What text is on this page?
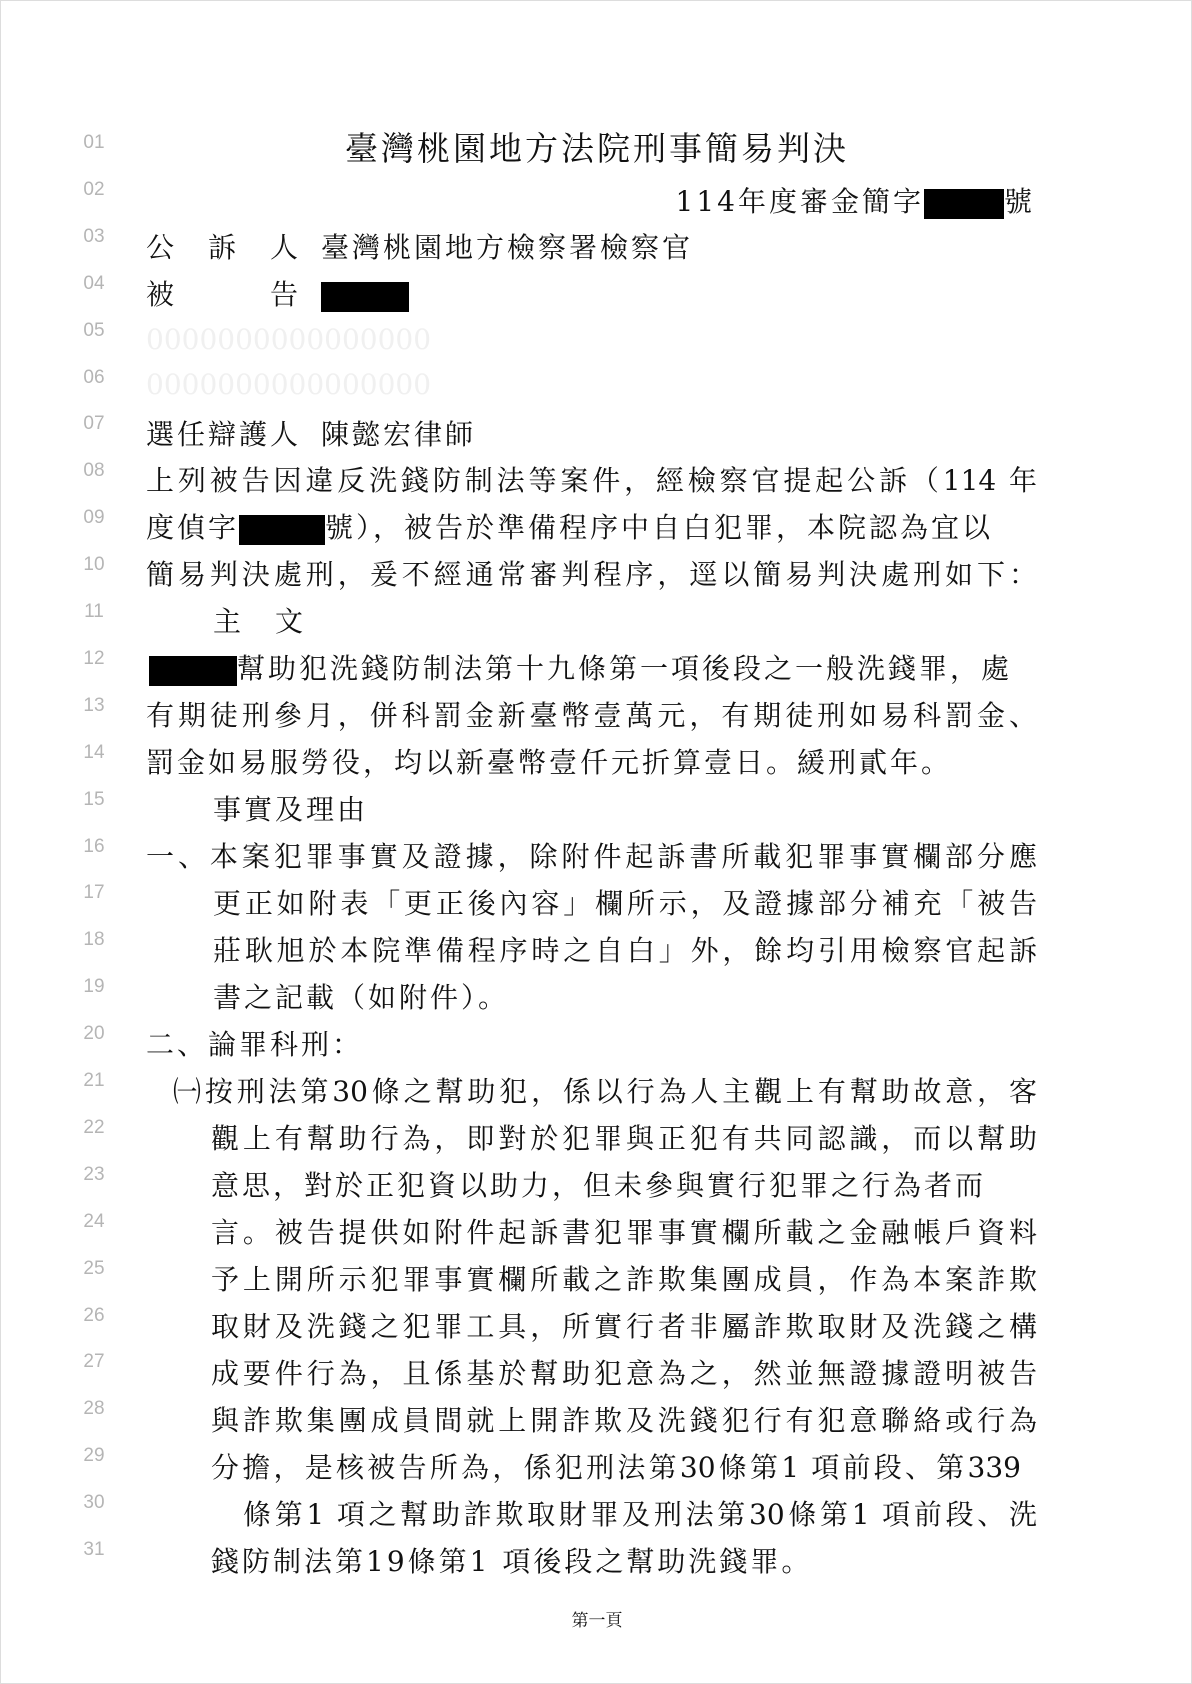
01
02
03
04
05
06
07
08
09
10
11
12
13
14
15
16
17
18
19
20
21
22
23
24
25
26
27
28
29
30
31
臺灣桃園地方法院刑事簡易判決
114年度審金簡字	號
公　訴　人 臺灣桃園地方檢察署檢察官
被　　　告
0000000000000000
0000000000000000
選任辯護人 陳懿宏律師
上列被告因違反洗錢防制法等案件，經檢察官提起公訴（114 年
度偵字	號），被告於準備程序中自白犯罪，本院認為宜以
簡易判決處刑，爰不經通常審判程序，逕以簡易判決處刑如下：
主　文
幫助犯洗錢防制法第十九條第一項後段之一般洗錢罪，處
有期徒刑參月，併科罰金新臺幣壹萬元，有期徒刑如易科罰金、
罰金如易服勞役，均以新臺幣壹仟元折算壹日。緩刑貳年。
事實及理由
一、本案犯罪事實及證據，除附件起訴書所載犯罪事實欄部分應
更正如附表「更正後內容」欄所示，及證據部分補充「被告
莊耿旭於本院準備程序時之自白」外，餘均引用檢察官起訴
書之記載（如附件）。
二、論罪科刑：
㈠按刑法第30條之幫助犯，係以行為人主觀上有幫助故意，客
觀上有幫助行為，即對於犯罪與正犯有共同認識，而以幫助
意思，對於正犯資以助力，但未參與實行犯罪之行為者而
言。被告提供如附件起訴書犯罪事實欄所載之金融帳戶資料
予上開所示犯罪事實欄所載之詐欺集團成員，作為本案詐欺
取財及洗錢之犯罪工具，所實行者非屬詐欺取財及洗錢之構
成要件行為，且係基於幫助犯意為之，然並無證據證明被告
與詐欺集團成員間就上開詐欺及洗錢犯行有犯意聯絡或行為
分擔，是核被告所為，係犯刑法第30條第1 項前段、第339
條第1 項之幫助詐欺取財罪及刑法第30條第1 項前段、洗
錢防制法第19條第1 項後段之幫助洗錢罪。
第一頁
